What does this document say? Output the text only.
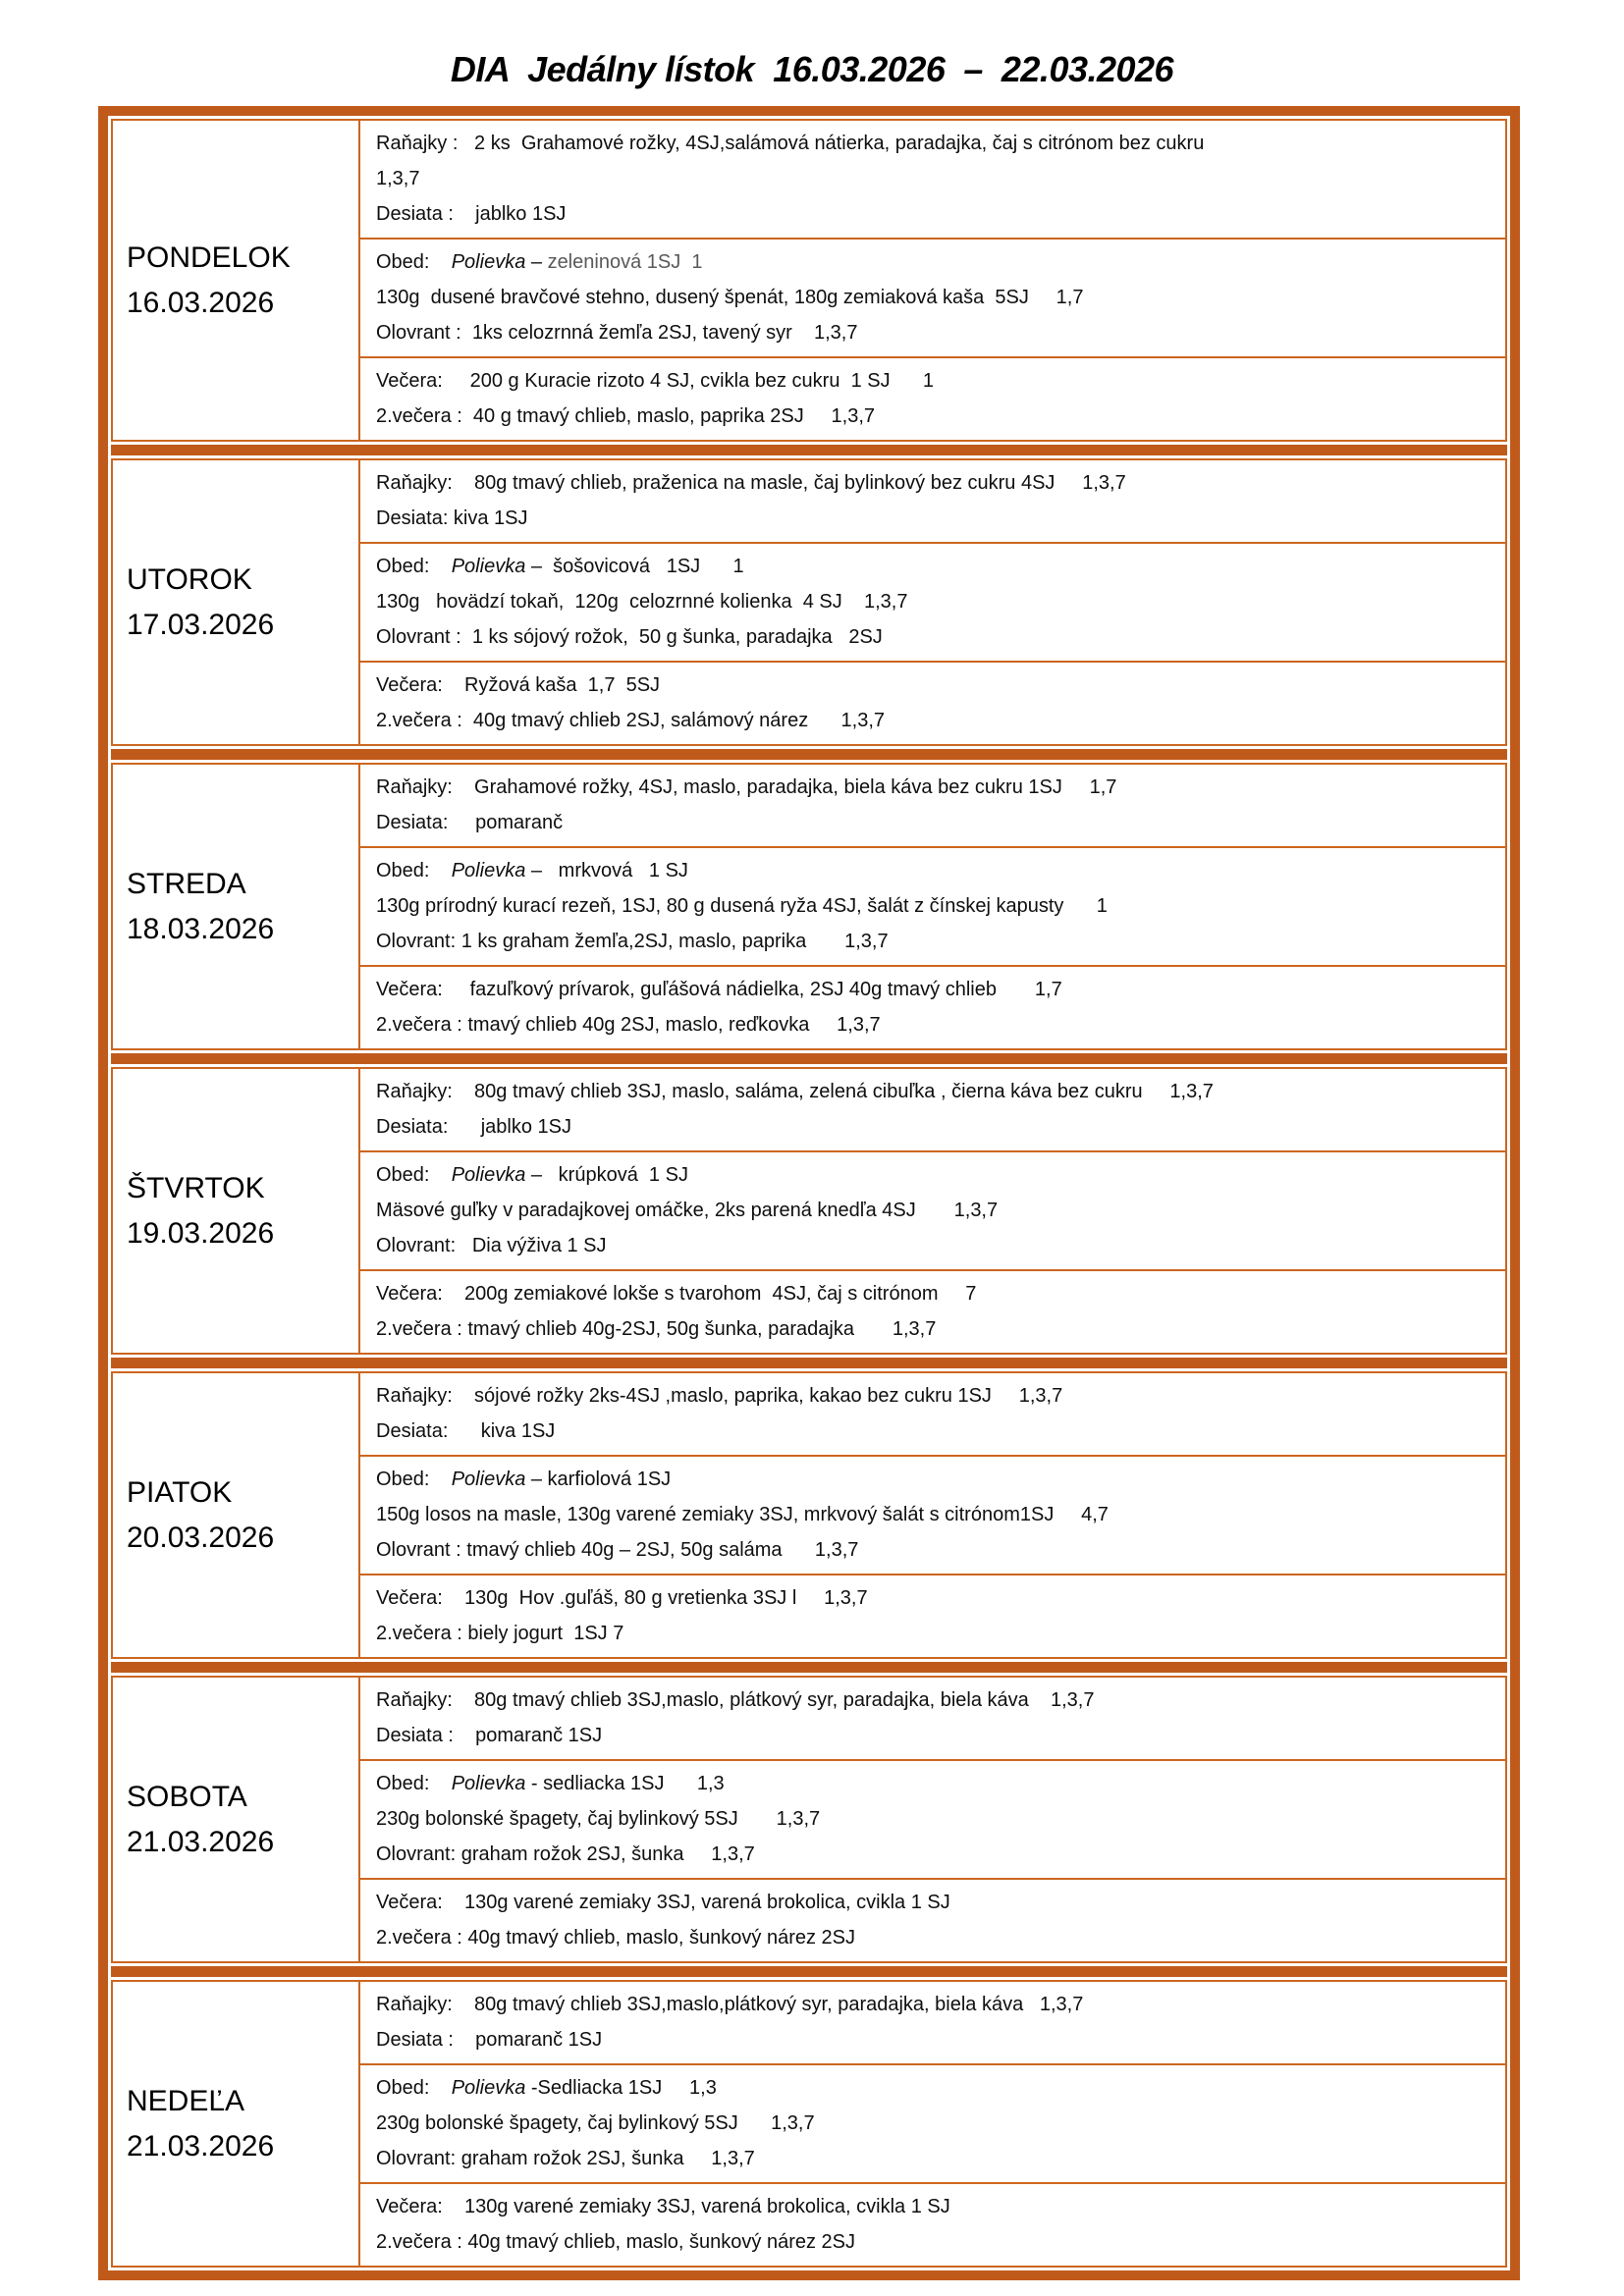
DIA  Jedálny lístok  16.03.2026  –  22.03.2026
PONDELOK
16.03.2026
Raňajky :   2 ks  Grahamové rožky, 4SJ,salámová nátierka, paradajka, čaj s citrónom bez cukru
1,3,7
Desiata :    jablko 1SJ
Obed:    Polievka – zeleninová 1SJ  1
130g  dusené bravčové stehno, dusený špenát, 180g zemiaková kaša  5SJ     1,7
Olovrant :  1ks celozrnná žemľa 2SJ, tavený syr    1,3,7
Večera:     200 g Kuracie rizoto 4 SJ, cvikla bez cukru  1 SJ      1
2.večera :  40 g tmavý chlieb, maslo, paprika 2SJ     1,3,7
UTOROK
17.03.2026
Raňajky:    80g tmavý chlieb, praženica na masle, čaj bylinkový bez cukru 4SJ     1,3,7
Desiata: kiva 1SJ
Obed:    Polievka –  šošovicová   1SJ      1
130g   hovädzí tokaň,  120g  celozrnné kolienka  4 SJ    1,3,7
Olovrant :  1 ks sójový rožok,  50 g šunka, paradajka   2SJ
Večera:    Ryžová kaša  1,7  5SJ
2.večera :  40g tmavý chlieb 2SJ, salámový nárez      1,3,7
STREDA
18.03.2026
Raňajky:    Grahamové rožky, 4SJ, maslo, paradajka, biela káva bez cukru 1SJ     1,7
Desiata:     pomaranč
Obed:    Polievka –   mrkvová   1 SJ
130g prírodný kurací rezeň, 1SJ, 80 g dusená ryža 4SJ, šalát z čínskej kapusty      1
Olovrant: 1 ks graham žemľa,2SJ, maslo, paprika       1,3,7
Večera:     fazuľkový prívarok, guľášová nádielka, 2SJ 40g tmavý chlieb       1,7
2.večera : tmavý chlieb 40g 2SJ, maslo, reďkovka     1,3,7
ŠTVRTOK
19.03.2026
Raňajky:    80g tmavý chlieb 3SJ, maslo, saláma, zelená cibuľka , čierna káva bez cukru     1,3,7
Desiata:      jablko 1SJ
Obed:    Polievka –   krúpková  1 SJ
Mäsové guľky v paradajkovej omáčke, 2ks parená knedľa 4SJ       1,3,7
Olovrant:   Dia výživa 1 SJ
Večera:    200g zemiakové lokše s tvarohom  4SJ, čaj s citrónom     7
2.večera : tmavý chlieb 40g-2SJ, 50g šunka, paradajka       1,3,7
PIATOK
20.03.2026
Raňajky:    sójové rožky 2ks-4SJ ,maslo, paprika, kakao bez cukru 1SJ     1,3,7
Desiata:      kiva 1SJ
Obed:    Polievka – karfiolová 1SJ
150g losos na masle, 130g varené zemiaky 3SJ, mrkvový šalát s citrónom1SJ     4,7
Olovrant : tmavý chlieb 40g – 2SJ, 50g saláma      1,3,7
Večera:    130g  Hov .guľáš, 80 g vretienka 3SJ l     1,3,7
2.večera : biely jogurt  1SJ 7
SOBOTA
21.03.2026
Raňajky:    80g tmavý chlieb 3SJ,maslo, plátkový syr, paradajka, biela káva    1,3,7
Desiata :    pomaranč 1SJ
Obed:    Polievka - sedliacka 1SJ      1,3
230g bolonské špagety, čaj bylinkový 5SJ       1,3,7
Olovrant: graham rožok 2SJ, šunka     1,3,7
Večera:    130g varené zemiaky 3SJ, varená brokolica, cvikla 1 SJ
2.večera : 40g tmavý chlieb, maslo, šunkový nárez 2SJ
NEDEĽA
21.03.2026
Raňajky:    80g tmavý chlieb 3SJ,maslo,plátkový syr, paradajka, biela káva   1,3,7
Desiata :    pomaranč 1SJ
Obed:    Polievka -Sedliacka 1SJ     1,3
230g bolonské špagety, čaj bylinkový 5SJ      1,3,7
Olovrant: graham rožok 2SJ, šunka     1,3,7
Večera:    130g varené zemiaky 3SJ, varená brokolica, cvikla 1 SJ
2.večera : 40g tmavý chlieb, maslo, šunkový nárez 2SJ
